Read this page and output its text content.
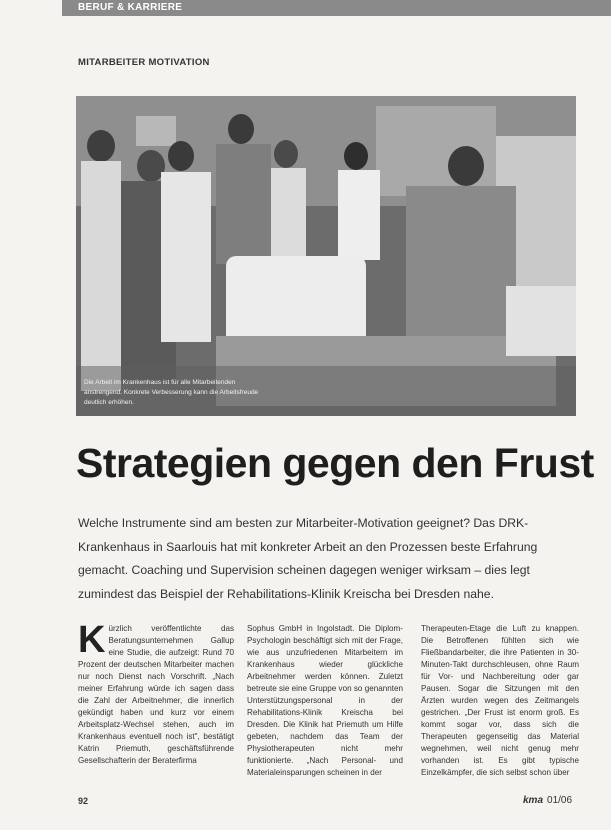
BERUF & KARRIERE
MITARBEITER MOTIVATION
Die Arbeit im Krankenhaus ist für alle Mitarbeitenden anstrengend. Konkrete Verbesserung kann die Arbeitsfreude deutlich erhöhen.
Strategien gegen den Frust
Welche Instrumente sind am besten zur Mitarbeiter-Motivation geeignet? Das DRK-Krankenhaus in Saarlouis hat mit konkreter Arbeit an den Prozessen beste Erfahrung gemacht. Coaching und Supervision scheinen dagegen weniger wirksam – dies legt zumindest das Beispiel der Rehabilitations-Klinik Kreischa bei Dresden nahe.
Kürzlich veröffentlichte das Beratungsunternehmen Gallup eine Studie, die aufzeigt: Rund 70 Prozent der deutschen Mitarbeiter machen nur noch Dienst nach Vorschrift. „Nach meiner Erfahrung würde ich sagen dass die Zahl der Arbeitnehmer, die innerlich gekündigt haben und kurz vor einem Arbeitsplatz-Wechsel stehen, auch im Krankenhaus eventuell noch ist", bestätigt Katrin Priemuth, geschäftsführende Gesellschafterin der Beraterfirma
Sophus GmbH in Ingolstadt. Die Diplom-Psychologin beschäftigt sich mit der Frage, wie aus unzufriedenen Mitarbeitern im Krankenhaus wieder glückliche Arbeitnehmer werden können. Zuletzt betreute sie eine Gruppe von so genannten Unterstützungspersonal in der Rehabilitations-Klinik Kreischa bei Dresden. Die Klinik hat Priemuth um Hilfe gebeten, nachdem das Team der Physiotherapeuten nicht mehr funktionierte. „Nach Personal- und Materialeinsparungen scheinen in der
Therapeuten-Etage die Luft zu knappen. Die Betroffenen fühlten sich wie Fließbandarbeiter, die ihre Patienten in 30-Minuten-Takt durchschleusen, ohne Raum für Vor- und Nachbereitung oder gar Pausen. Sogar die Sitzungen mit den Ärzten wurden wegen des Zeitmangels gestrichen. „Der Frust ist enorm groß. Es kommt sogar vor, dass sich die Therapeuten gegenseitig das Material wegnehmen, weil nicht genug mehr vorhanden ist. Es gibt typische Einzelkämpfer, die sich selbst schon über
92	kma 01/06
